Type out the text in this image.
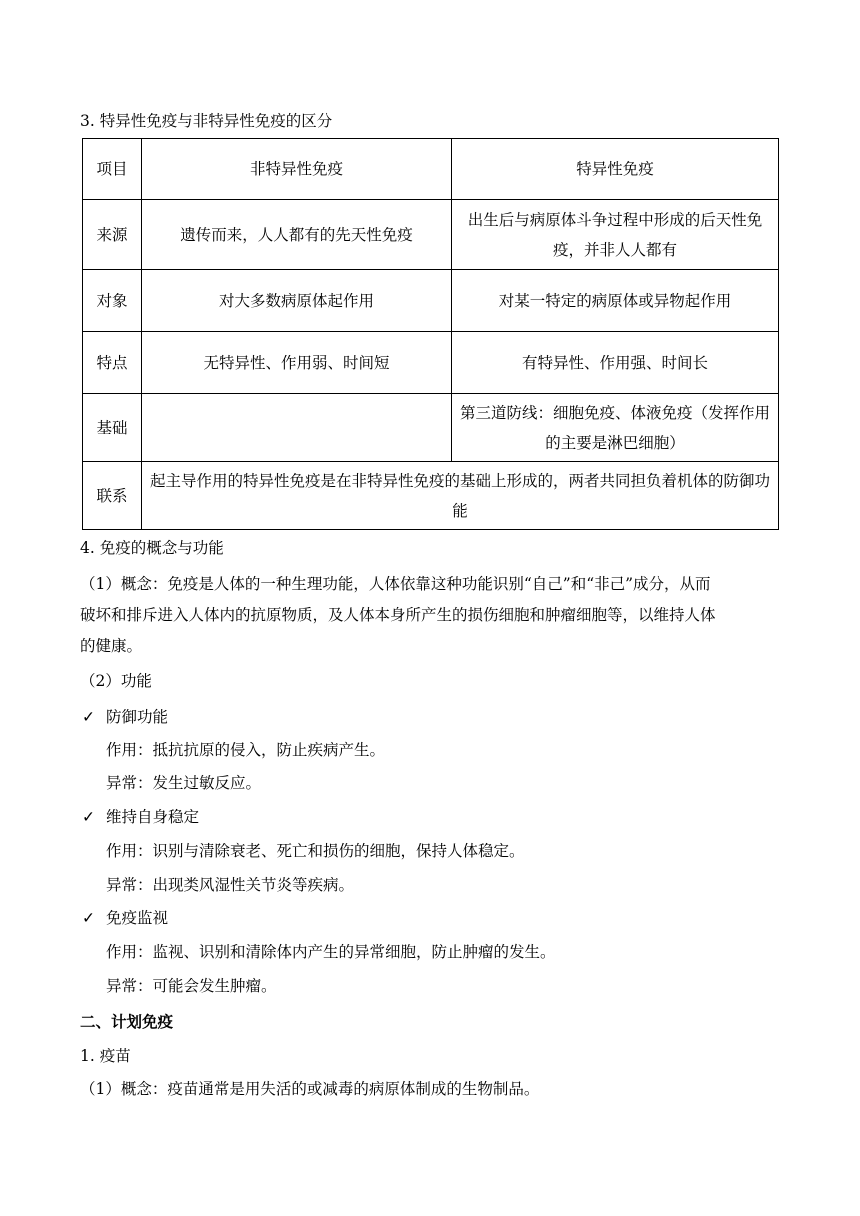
3. 特异性免疫与非特异性免疫的区分
项目	非特异性免疫	特异性免疫
来源	遗传而来，人人都有的先天性免疫	出生后与病原体斗争过程中形成的后天性免疫，并非人人都有
对象	对大多数病原体起作用	对某一特定的病原体或异物起作用
特点	无特异性、作用弱、时间短	有特异性、作用强、时间长
基础		第三道防线：细胞免疫、体液免疫（发挥作用的主要是淋巴细胞）
联系	起主导作用的特异性免疫是在非特异性免疫的基础上形成的，两者共同担负着机体的防御功能	
4. 免疫的概念与功能
（1）概念：免疫是人体的一种生理功能，人体依靠这种功能识别“自己”和“非己”成分，从而
破坏和排斥进入人体内的抗原物质，及人体本身所产生的损伤细胞和肿瘤细胞等，以维持人体
的健康。
（2）功能
✓ 防御功能
作用：抵抗抗原的侵入，防止疾病产生。
异常：发生过敏反应。
✓ 维持自身稳定
作用：识别与清除衰老、死亡和损伤的细胞，保持人体稳定。
异常：出现类风湿性关节炎等疾病。
✓ 免疫监视
作用：监视、识别和清除体内产生的异常细胞，防止肿瘤的发生。
异常：可能会发生肿瘤。
二、计划免疫
1. 疫苗
（1）概念：疫苗通常是用失活的或减毒的病原体制成的生物制品。
